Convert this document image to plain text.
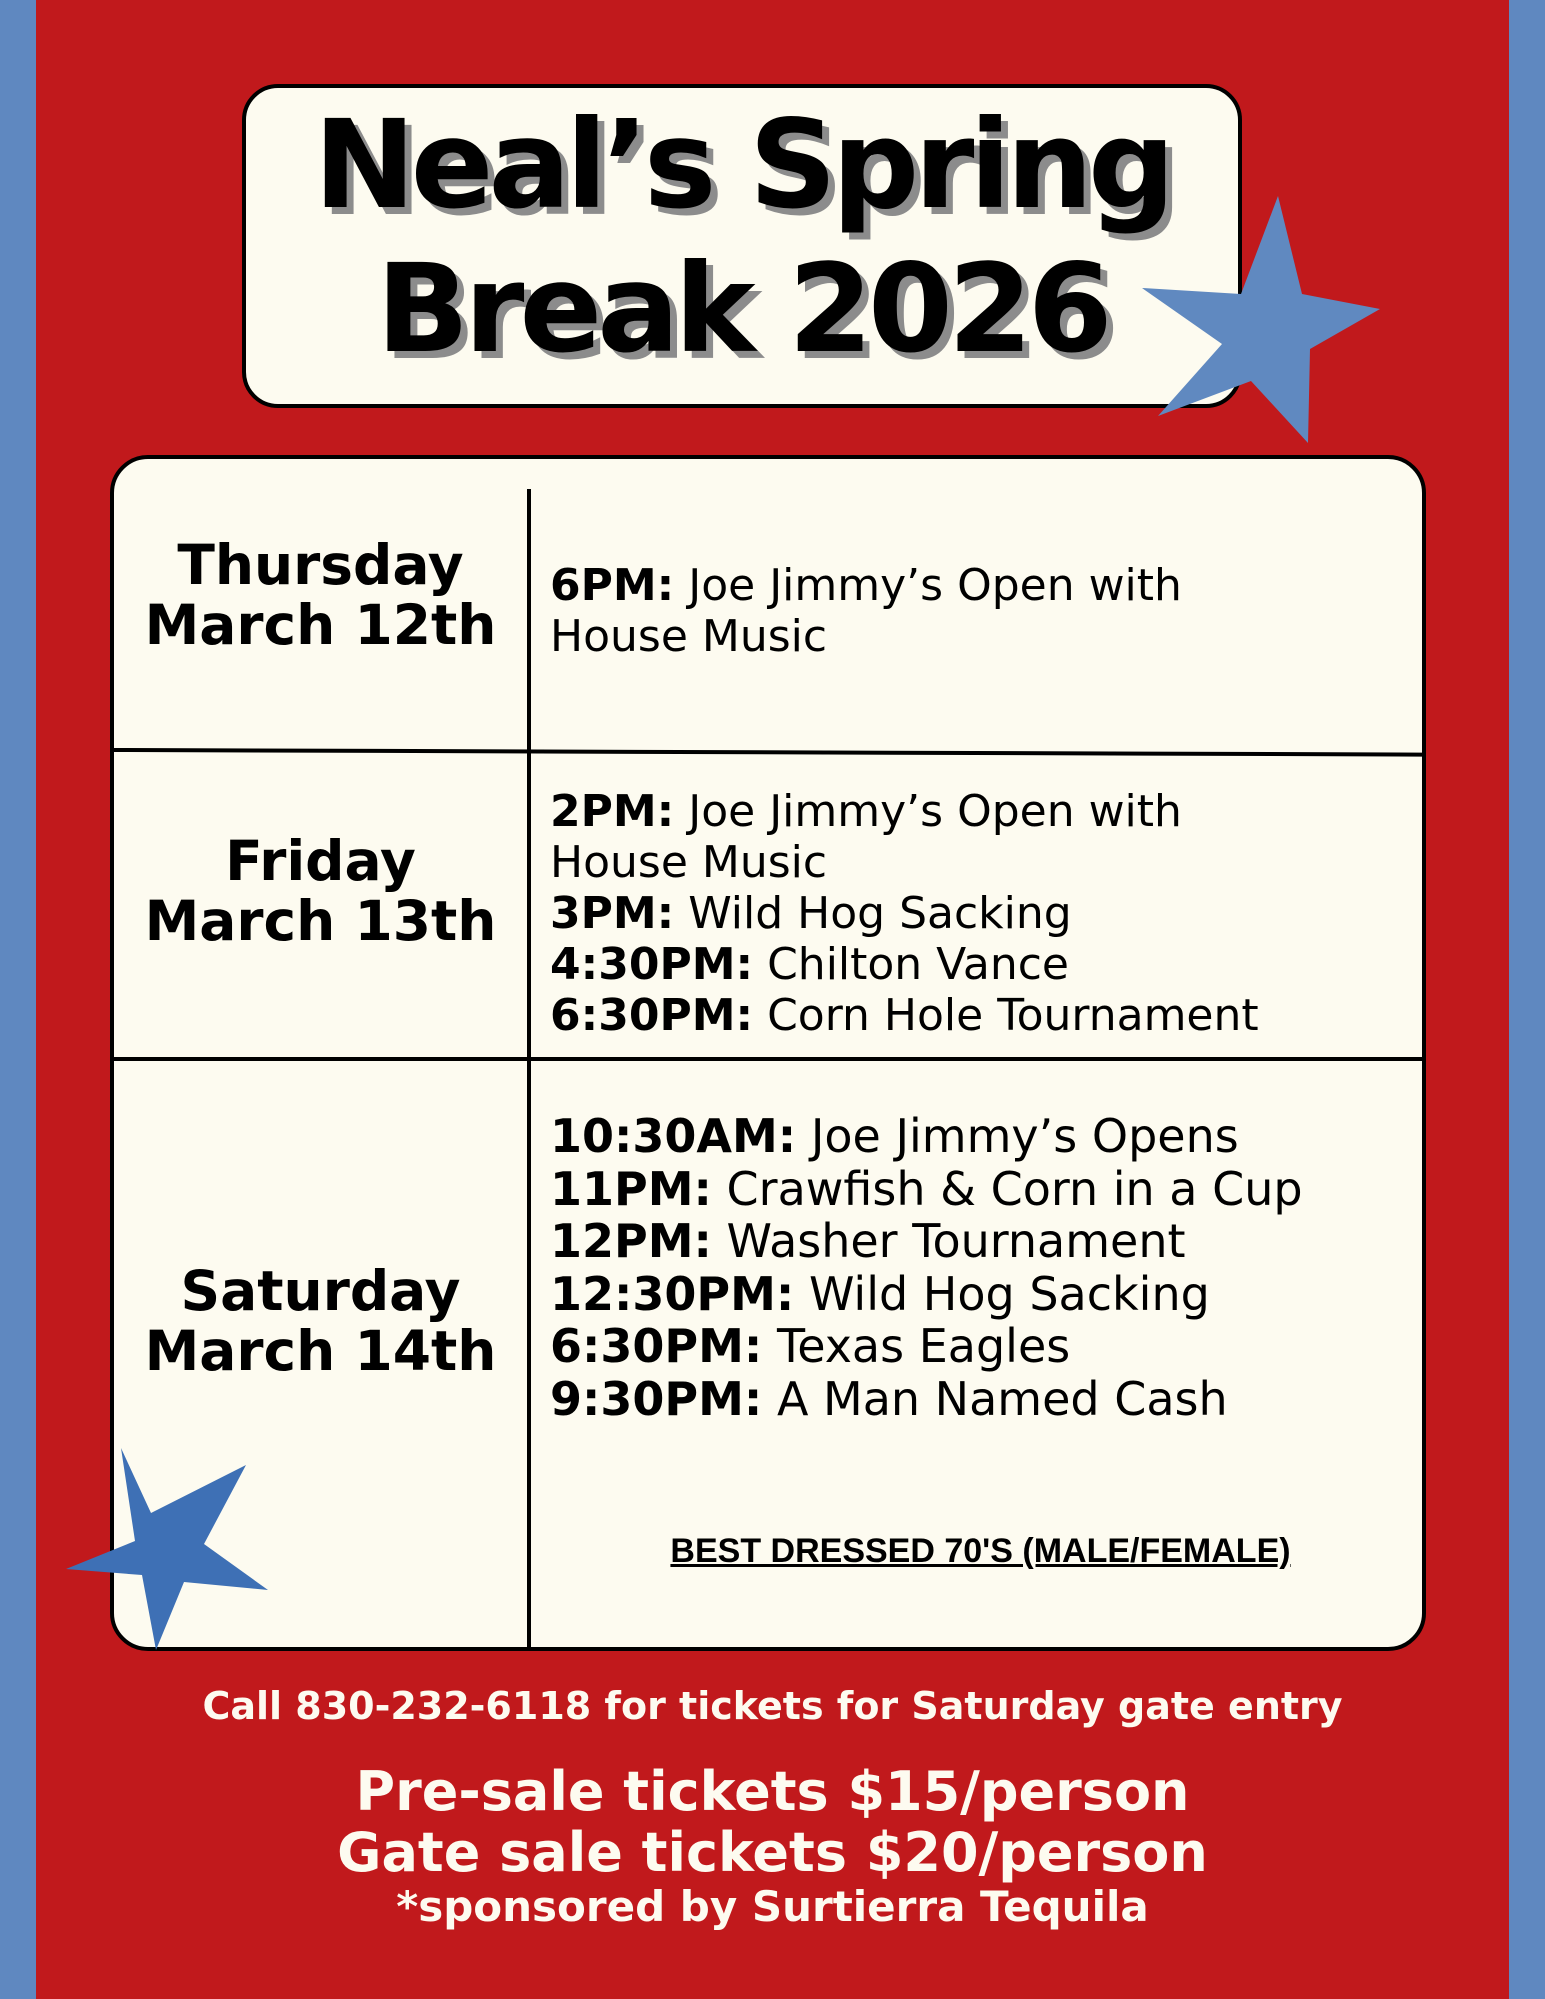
Neal’s Spring
Break 2026
Thursday
March 12th
6PM: Joe Jimmy’s Open with
House Music
Friday
March 13th
2PM: Joe Jimmy’s Open with
House Music
3PM: Wild Hog Sacking
4:30PM: Chilton Vance
6:30PM: Corn Hole Tournament
Saturday
March 14th
10:30AM: Joe Jimmy’s Opens
11PM: Crawfish & Corn in a Cup
12PM: Washer Tournament
12:30PM: Wild Hog Sacking
6:30PM: Texas Eagles
9:30PM: A Man Named Cash
BEST DRESSED 70'S (MALE/FEMALE)
Call 830-232-6118 for tickets for Saturday gate entry
Pre-sale tickets $15/person
Gate sale tickets $20/person
*sponsored by Surtierra Tequila
